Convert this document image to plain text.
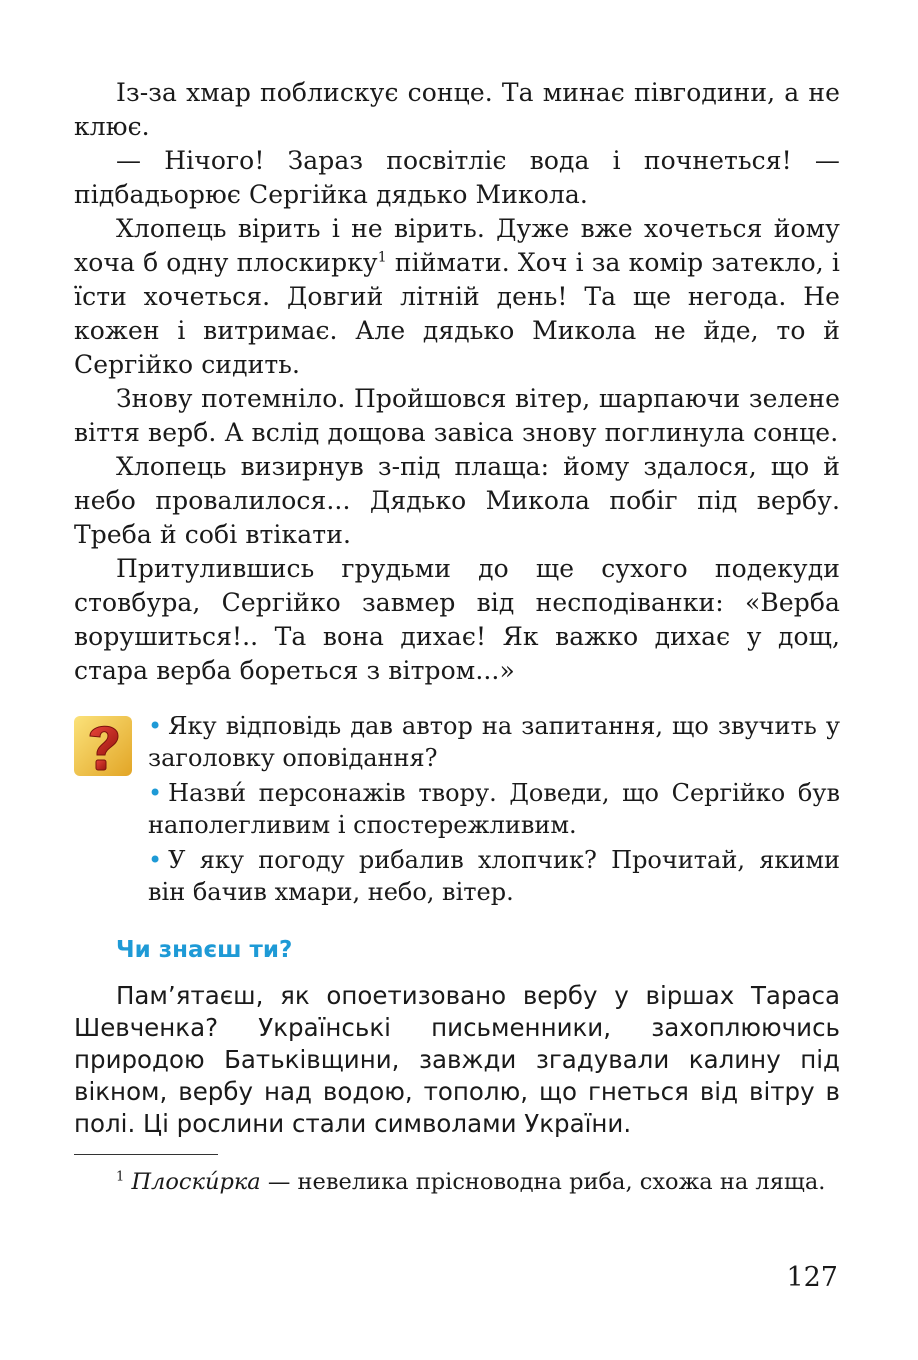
Із-за хмар поблискує сонце. Та минає півгодини, а не клює.

— Нічого! Зараз посвітліє вода і почнеться! — підбадьорює Сергійка дядько Микола.

Хлопець вірить і не вірить. Дуже вже хочеться йому хоча б одну плоскирку$^1$ піймати. Хоч і за комір затекло, і їсти хочеться. Довгий літній день! Та ще негода. Не кожен і витримає. Але дядько Микола не йде, то й Сергійко сидить.

Знову потемніло. Пройшовся вітер, шарпаючи зелене віття верб. А вслід дощова завіса знову поглинула сонце.

Хлопець визирнув з-під плаща: йому здалося, що й небо провалилося... Дядько Микола побіг під вербу. Треба й собі втікати.

Притулившись грудьми до ще сухого подекуди стовбура, Сергійко завмер від несподіванки: «Верба ворушиться!.. Та вона дихає! Як важко дихає у дощ, стара верба бореться з вітром...»

• Яку відповідь дав автор на запитання, що звучить у заголовку оповідання?

• Назви́ персонажів твору. Доведи, що Сергійко був наполегливим і спостережливим.

• У яку погоду рибалив хлопчик? Прочитай, якими він бачив хмари, небо, вітер.

Чи знаєш ти?

Пам’ятаєш, як опоетизовано вербу у віршах Тараса Шевченка? Українські письменники, захоплюючись природою Батьківщини, завжди згадували калину під вікном, вербу над водою, тополю, що гнеться від вітру в полі. Ці рослини стали символами України.

$^1$ Плоски́рка — невелика прісноводна риба, схожа на ляща.

127
